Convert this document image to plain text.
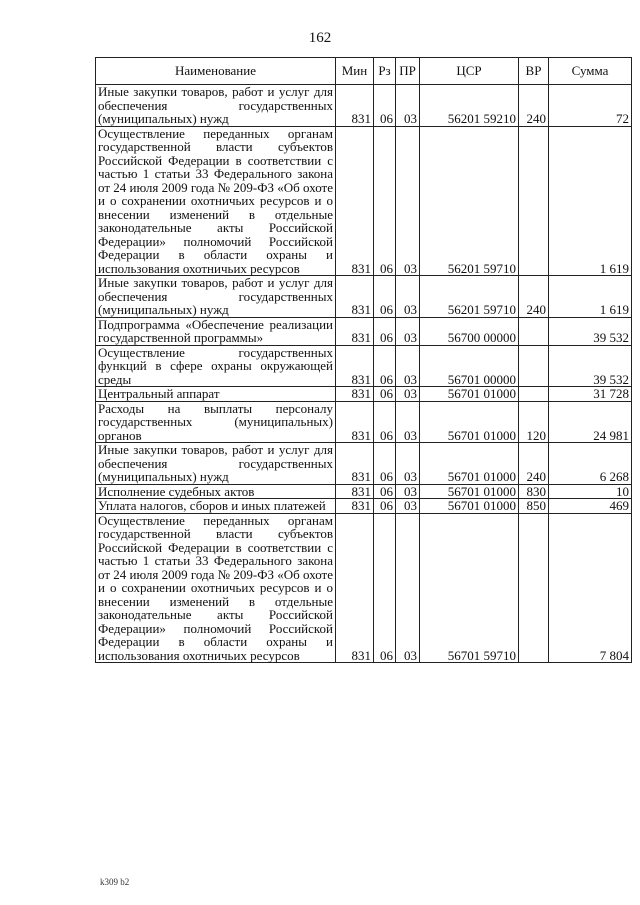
162
Наименование	Мин	Рз	ПР	ЦСР	ВР	Сумма
Иные закупки товаров, работ и услуг для обеспечения государственных (муниципальных) нужд	831	06	03	56201 59210	240	72
Осуществление переданных органам государственной власти субъектов Российской Федерации в соответствии с частью 1 статьи 33 Федерального закона от 24 июля 2009 года № 209-ФЗ «Об охоте и о сохранении охотничьих ресурсов и о внесении изменений в отдельные законодательные акты Российской Федерации» полномочий Российской Федерации в области охраны и использования охотничьих ресурсов	831	06	03	56201 59710		1 619
Иные закупки товаров, работ и услуг для обеспечения государственных (муниципальных) нужд	831	06	03	56201 59710	240	1 619
Подпрограмма «Обеспечение реализации государственной программы»	831	06	03	56700 00000		39 532
Осуществление государственных функций в сфере охраны окружающей среды	831	06	03	56701 00000		39 532
Центральный аппарат	831	06	03	56701 01000		31 728
Расходы на выплаты персоналу государственных (муниципальных) органов	831	06	03	56701 01000	120	24 981
Иные закупки товаров, работ и услуг для обеспечения государственных (муниципальных) нужд	831	06	03	56701 01000	240	6 268
Исполнение судебных актов	831	06	03	56701 01000	830	10
Уплата налогов, сборов и иных платежей	831	06	03	56701 01000	850	469
Осуществление переданных органам государственной власти субъектов Российской Федерации в соответствии с частью 1 статьи 33 Федерального закона от 24 июля 2009 года № 209-ФЗ «Об охоте и о сохранении охотничьих ресурсов и о внесении изменений в отдельные законодательные акты Российской Федерации» полномочий Российской Федерации в области охраны и использования охотничьих ресурсов	831	06	03	56701 59710		7 804
k309 b2
